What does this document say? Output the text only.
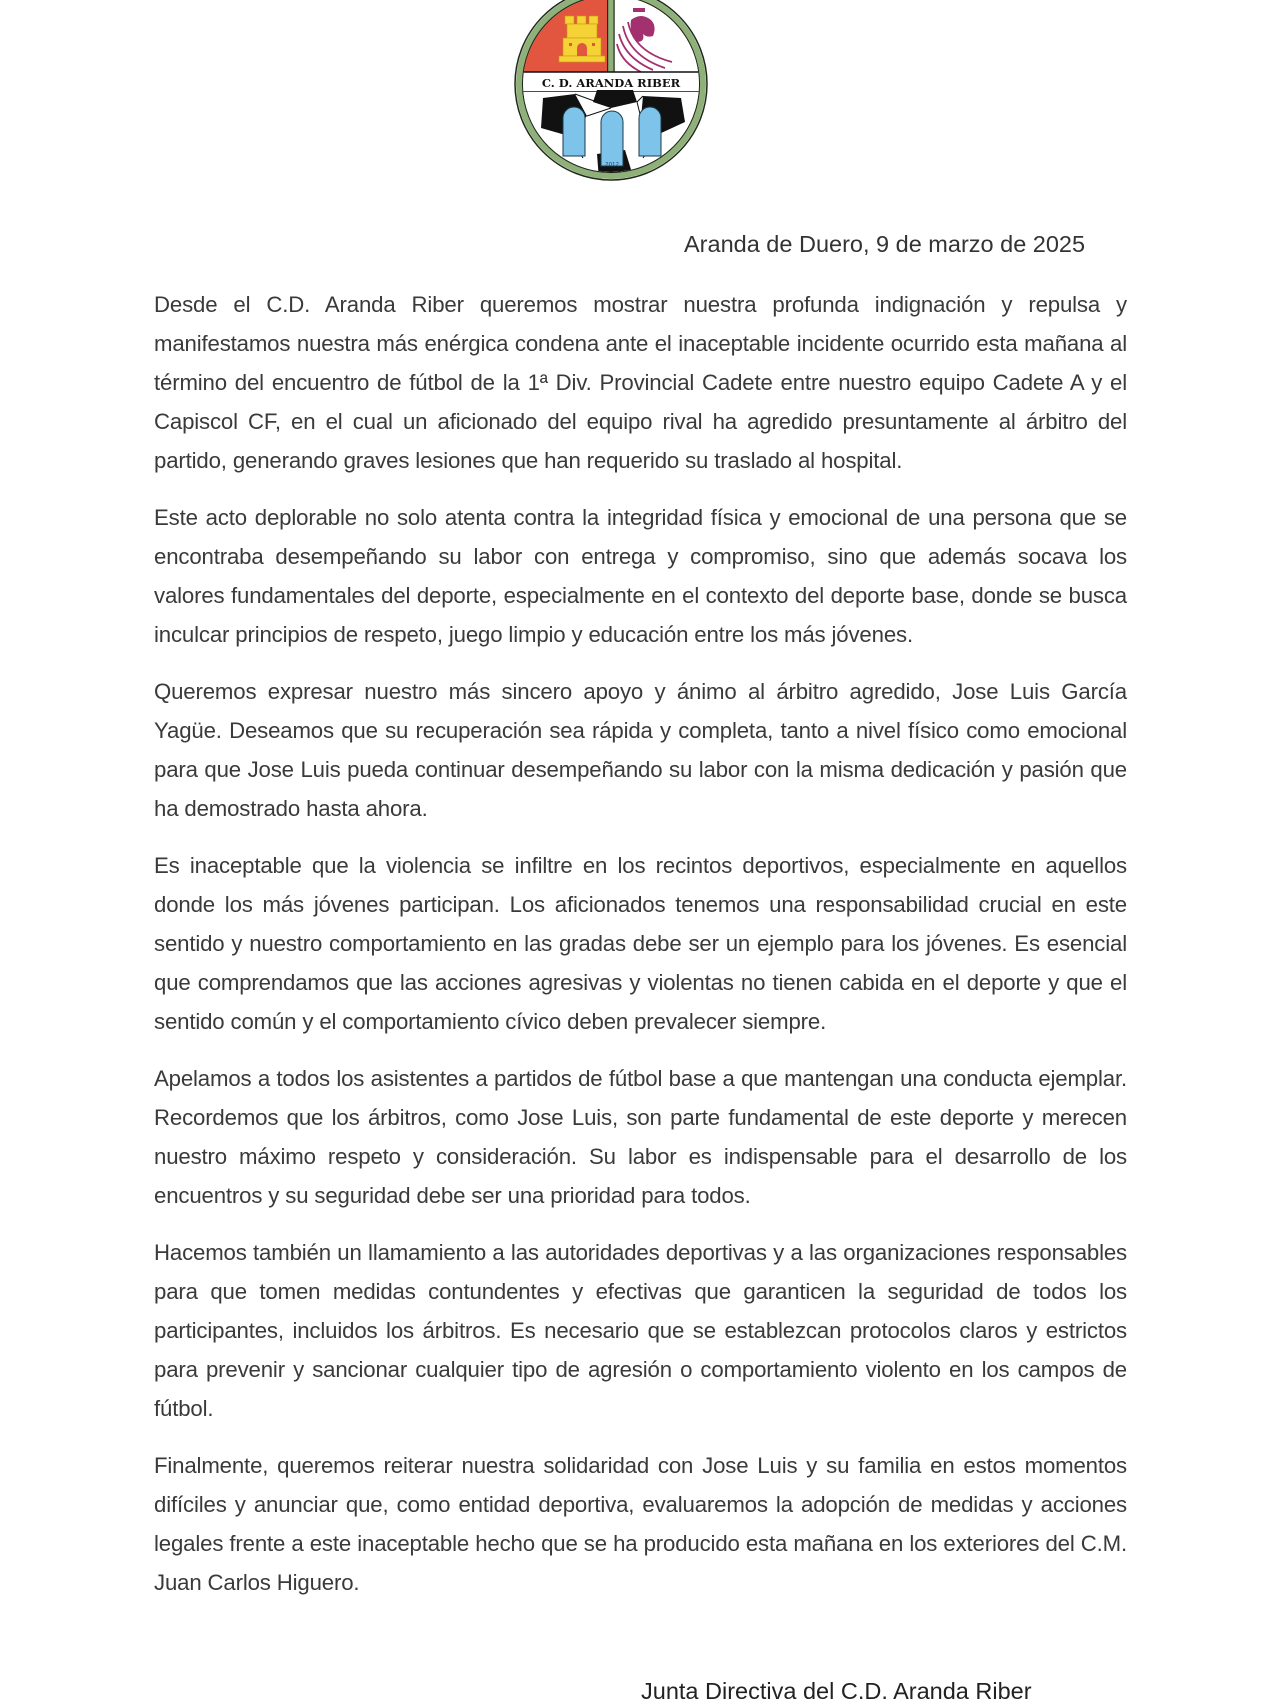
C. D. ARANDA RIBER
2012
Aranda de Duero, 9 de marzo de 2025

Desde el C.D. Aranda Riber queremos mostrar nuestra profunda indignación y repulsa y manifestamos nuestra más enérgica condena ante el inaceptable incidente ocurrido esta mañana al término del encuentro de fútbol de la 1ª Div. Provincial Cadete entre nuestro equipo Cadete A y el Capiscol CF, en el cual un aficionado del equipo rival ha agredido presuntamente al árbitro del partido, generando graves lesiones que han requerido su traslado al hospital.

Este acto deplorable no solo atenta contra la integridad física y emocional de una persona que se encontraba desempeñando su labor con entrega y compromiso, sino que además socava los valores fundamentales del deporte, especialmente en el contexto del deporte base, donde se busca inculcar principios de respeto, juego limpio y educación entre los más jóvenes.

Queremos expresar nuestro más sincero apoyo y ánimo al árbitro agredido, Jose Luis García Yagüe. Deseamos que su recuperación sea rápida y completa, tanto a nivel físico como emocional para que Jose Luis pueda continuar desempeñando su labor con la misma dedicación y pasión que ha demostrado hasta ahora.

Es inaceptable que la violencia se infiltre en los recintos deportivos, especialmente en aquellos donde los más jóvenes participan. Los aficionados tenemos una responsabilidad crucial en este sentido y nuestro comportamiento en las gradas debe ser un ejemplo para los jóvenes. Es esencial que comprendamos que las acciones agresivas y violentas no tienen cabida en el deporte y que el sentido común y el comportamiento cívico deben prevalecer siempre.

Apelamos a todos los asistentes a partidos de fútbol base a que mantengan una conducta ejemplar. Recordemos que los árbitros, como Jose Luis, son parte fundamental de este deporte y merecen nuestro máximo respeto y consideración. Su labor es indispensable para el desarrollo de los encuentros y su seguridad debe ser una prioridad para todos.

Hacemos también un llamamiento a las autoridades deportivas y a las organizaciones responsables para que tomen medidas contundentes y efectivas que garanticen la seguridad de todos los participantes, incluidos los árbitros. Es necesario que se establezcan protocolos claros y estrictos para prevenir y sancionar cualquier tipo de agresión o comportamiento violento en los campos de fútbol.

Finalmente, queremos reiterar nuestra solidaridad con Jose Luis y su familia en estos momentos difíciles y anunciar que, como entidad deportiva, evaluaremos la adopción de medidas y acciones legales frente a este inaceptable hecho que se ha producido esta mañana en los exteriores del C.M. Juan Carlos Higuero.

Junta Directiva del C.D. Aranda Riber
